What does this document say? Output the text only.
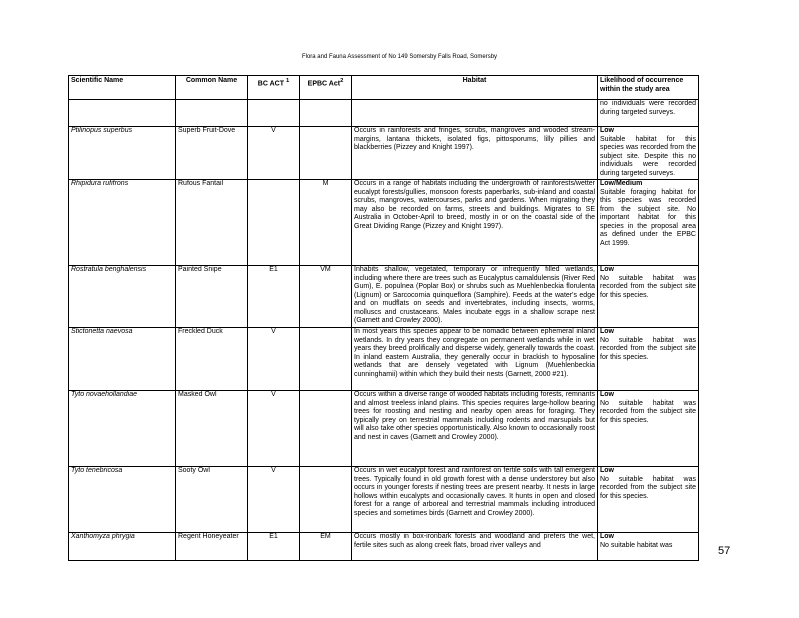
Flora and Fauna Assessment of No 149 Somersby Falls Road, Somersby
Scientific Name	Common Name	BC ACT $^1$	EPBC Act$^2$	Habitat	Likelihood of occurrence within the study area
					no individuals were recorded during targeted surveys.
Ptilinopus superbus	Superb Fruit-Dove	V		Occurs in rainforests and fringes, scrubs, mangroves and wooded stream-margins, lantana thickets, isolated figs, pittosporums, lilly pillies and blackberries (Pizzey and Knight 1997).	Low
Suitable habitat for this species was recorded from the subject site. Despite this no individuals were recorded during targeted surveys.
Rhipidura rufifrons	Rufous Fantail		M	Occurs in a range of habitats including the undergrowth of rainforests/wetter eucalypt forests/gullies, monsoon forests paperbarks, sub-inland and coastal scrubs, mangroves, watercourses, parks and gardens. When migrating they may also be recorded on farms, streets and buildings. Migrates to SE Australia in October-April to breed, mostly in or on the coastal side of the Great Dividing Range (Pizzey and Knight 1997).	Low/Medium
Suitable foraging habitat for this species was recorded from the subject site. No important habitat for this species in the proposal area as defined under the EPBC Act 1999.
Rostratula benghalensis	Painted Snipe	E1	VM	Inhabits shallow, vegetated, temporary or infrequently filled wetlands, including where there are trees such as Eucalyptus camaldulensis (River Red Gum), E. populnea (Poplar Box) or shrubs such as Muehlenbeckia florulenta (Lignum) or Sarcocornia quinqueflora (Samphire). Feeds at the water's edge and on mudflats on seeds and invertebrates, including insects, worms, molluscs and crustaceans. Males incubate eggs in a shallow scrape nest (Garnett and Crowley 2000).	Low
No suitable habitat was recorded from the subject site for this species.
Stictonetta naevosa	Freckled Duck	V		In most years this species appear to be nomadic between ephemeral inland wetlands. In dry years they congregate on permanent wetlands while in wet years they breed prolifically and disperse widely, generally towards the coast. In inland eastern Australia, they generally occur in brackish to hyposaline wetlands that are densely vegetated with Lignum (Muehlenbeckia cunninghamii) within which they build their nests (Garnett, 2000 #21).	Low
No suitable habitat was recorded from the subject site for this species.
Tyto novaehollandiae	Masked Owl	V		Occurs within a diverse range of wooded habitats including forests, remnants and almost treeless inland plains. This species requires large-hollow bearing trees for roosting and nesting and nearby open areas for foraging. They typically prey on terrestrial mammals including rodents and marsupials but will also take other species opportunistically. Also known to occasionally roost and nest in caves (Garnett and Crowley 2000).	Low
No suitable habitat was recorded from the subject site for this species.
Tyto tenebricosa	Sooty Owl	V		Occurs in wet eucalypt forest and rainforest on fertile soils with tall emergent trees. Typically found in old growth forest with a dense understorey but also occurs in younger forests if nesting trees are present nearby. It nests in large hollows within eucalypts and occasionally caves. It hunts in open and closed forest for a range of arboreal and terrestrial mammals including introduced species and sometimes birds (Garnett and Crowley 2000).	Low
No suitable habitat was recorded from the subject site for this species.
Xanthomyza phrygia	Regent Honeyeater	E1	EM	Occurs mostly in box-ironbark forests and woodland and prefers the wet, fertile sites such as along creek flats, broad river valleys and	Low
No suitable habitat was	57
